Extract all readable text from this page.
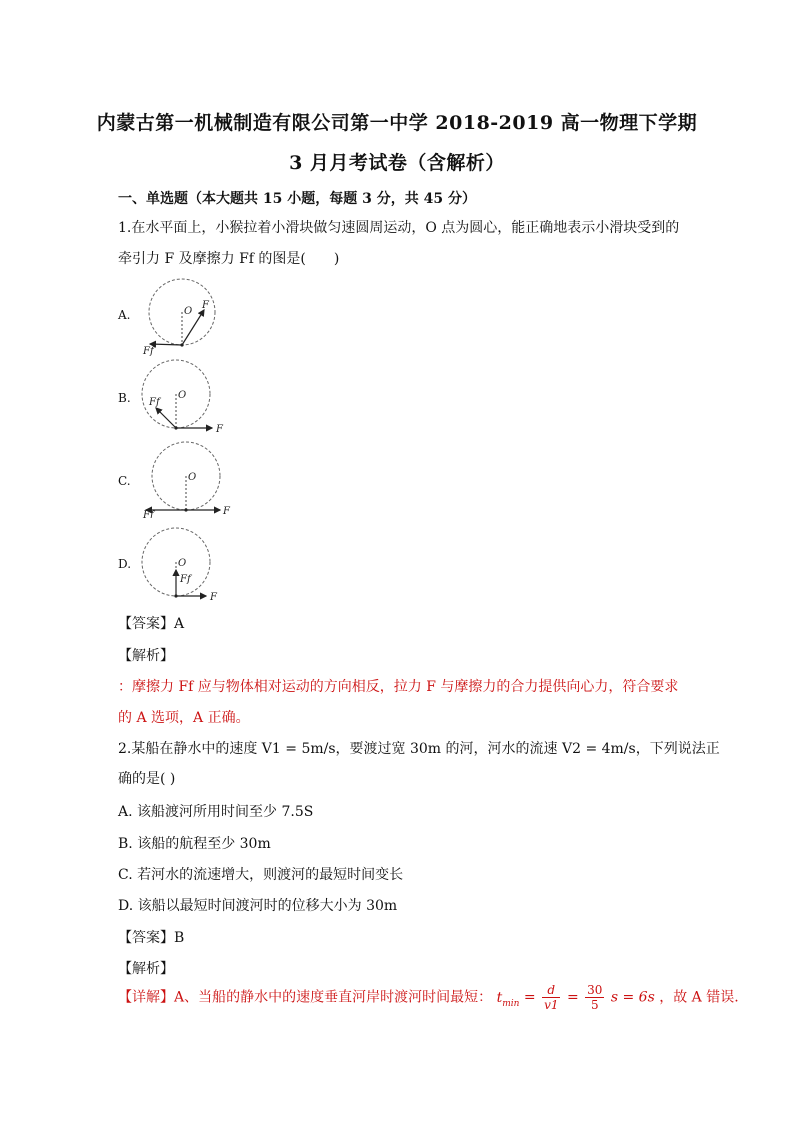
内蒙古第一机械制造有限公司第一中学 2018-2019 高一物理下学期
3 月月考试卷（含解析）
一、单选题（本大题共 15 小题，每题 3 分，共 45 分）
1.在水平面上，小猴拉着小滑块做匀速圆周运动，O 点为圆心，能正确地表示小滑块受到的
牵引力 F 及摩擦力 Ff 的图是(　　)
A.	O
F
Ff
B.	O
F
Ff
C.	O
F
Ff
D.	O
F
Ff
【答案】A
【解析】
：摩擦力 Ff 应与物体相对运动的方向相反，拉力 F 与摩擦力的合力提供向心力，符合要求
的 A 选项，A 正确。
2.某船在静水中的速度 V1 = 5m/s，要渡过宽 30m 的河，河水的流速 V2 = 4m/s，下列说法正
确的是( )
A. 该船渡河所用时间至少 7.5S
B. 该船的航程至少 30m
C. 若河水的流速增大，则渡河的最短时间变长
D. 该船以最短时间渡河时的位移大小为 30m
【答案】B
【解析】
【详解】A、当船的静水中的速度垂直河岸时渡河时间最短： $t_{min} = \frac{d}{v1} = \frac{30}{5}$ s = 6s ，故 A 错误.
